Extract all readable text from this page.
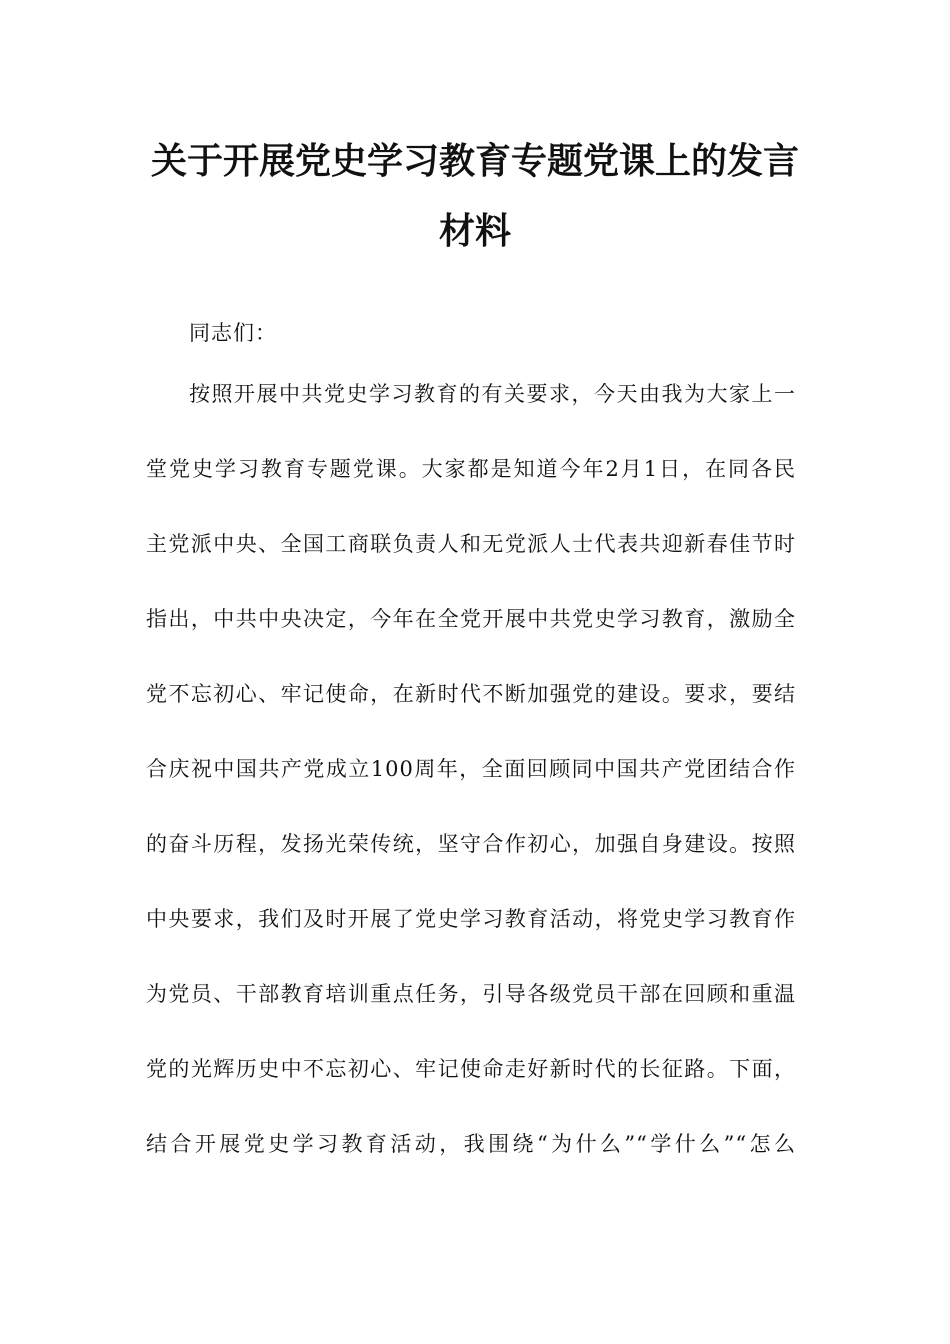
关于开展党史学习教育专题党课上的发言
材料
同志们：
按照开展中共党史学习教育的有关要求，今天由我为大家上一
堂党史学习教育专题党课。大家都是知道今年2月1日，在同各民
主党派中央、全国工商联负责人和无党派人士代表共迎新春佳节时
指出，中共中央决定，今年在全党开展中共党史学习教育，激励全
党不忘初心、牢记使命，在新时代不断加强党的建设。要求，要结
合庆祝中国共产党成立100周年，全面回顾同中国共产党团结合作
的奋斗历程，发扬光荣传统，坚守合作初心，加强自身建设。按照
中央要求，我们及时开展了党史学习教育活动，将党史学习教育作
为党员、干部教育培训重点任务，引导各级党员干部在回顾和重温
党的光辉历史中不忘初心、牢记使命走好新时代的长征路。下面，
结合开展党史学习教育活动，我围绕“为什么”“学什么”“怎么
